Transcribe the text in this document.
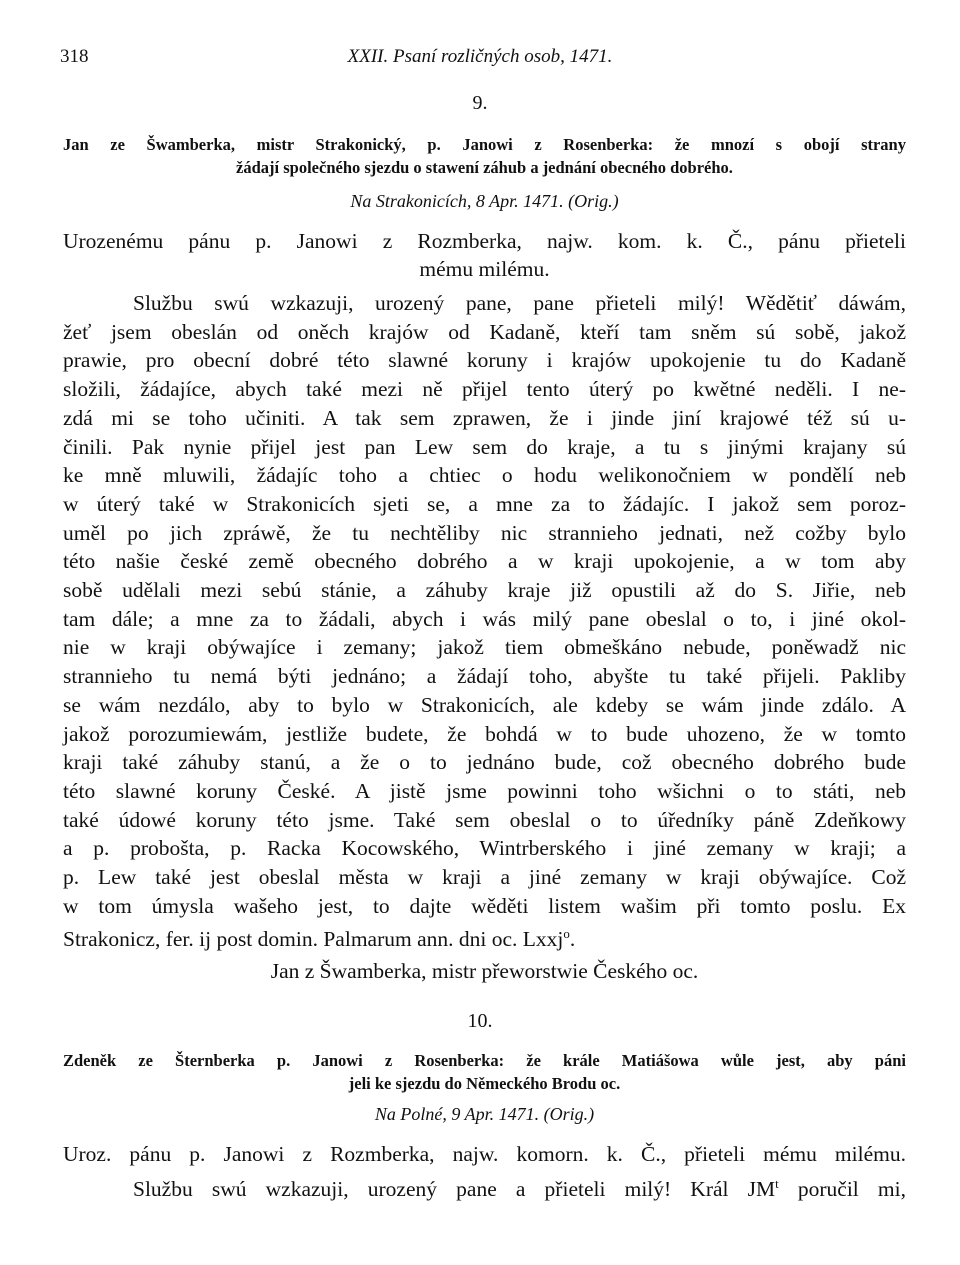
318	XXII. Psaní rozličných osob, 1471.
9.
Jan ze Šwamberka, mistr Strakonický, p. Janowi z Rosenberka: že mnozí s obojí strany
žádají společného sjezdu o stawení záhub a jednání obecného dobrého.
Na Strakonicích, 8 Apr. 1471. (Orig.)
Urozenému pánu p. Janowi z Rozmberka, najw. kom. k. Č., pánu přieteli
mému milému.
Službu swú wzkazuji, urozený pane, pane přieteli milý! Wědětiť dáwám,
žeť jsem obeslán od oněch krajów od Kadaně, kteří tam sněm sú sobě, jakož
prawie, pro obecní dobré této slawné koruny i krajów upokojenie tu do Kadaně
složili, žádajíce, abych také mezi ně přijel tento úterý po kwětné neděli. I ne-
zdá mi se toho učiniti. A tak sem zprawen, že i jinde jiní krajowé též sú u-
činili. Pak nynie přijel jest pan Lew sem do kraje, a tu s jinými krajany sú
ke mně mluwili, žádajíc toho a chtiec o hodu welikonočniem w pondělí neb
w úterý také w Strakonicích sjeti se, a mne za to žádajíc. I jakož sem poroz-
uměl po jich zpráwě, že tu nechtěliby nic strannieho jednati, než cožby bylo
této našie české země obecného dobrého a w kraji upokojenie, a w tom aby
sobě udělali mezi sebú stánie, a záhuby kraje již opustili až do S. Jiřie, neb
tam dále; a mne za to žádali, abych i wás milý pane obeslal o to, i jiné okol-
nie w kraji obýwajíce i zemany; jakož tiem obmeškáno nebude, poněwadž nic
strannieho tu nemá býti jednáno; a žádají toho, abyšte tu také přijeli. Pakliby
se wám nezdálo, aby to bylo w Strakonicích, ale kdeby se wám jinde zdálo. A
jakož porozumiewám, jestliže budete, že bohdá w to bude uhozeno, že w tomto
kraji také záhuby stanú, a že o to jednáno bude, což obecného dobrého bude
této slawné koruny České. A jistě jsme powinni toho wšichni o to státi, neb
také údowé koruny této jsme. Také sem obeslal o to úředníky páně Zdeňkowy
a p. probošta, p. Racka Kocowského, Wintrberského i jiné zemany w kraji; a
p. Lew také jest obeslal města w kraji a jiné zemany w kraji obýwajíce. Což
w tom úmysla wašeho jest, to dajte wěděti listem wašim při tomto poslu. Ex
Strakonicz, fer. ij post domin. Palmarum ann. dni oc. Lxxj$^o$.
Jan z Šwamberka, mistr přeworstwie Českého oc.
10.
Zdeněk ze Šternberka p. Janowi z Rosenberka: že krále Matiášowa wůle jest, aby páni
jeli ke sjezdu do Německého Brodu oc.
Na Polné, 9 Apr. 1471. (Orig.)
Uroz. pánu p. Janowi z Rozmberka, najw. komorn. k. Č., přieteli mému milému.
Službu swú wzkazuji, urozený pane a přieteli milý! Král $JM^t$ poručil mi,
